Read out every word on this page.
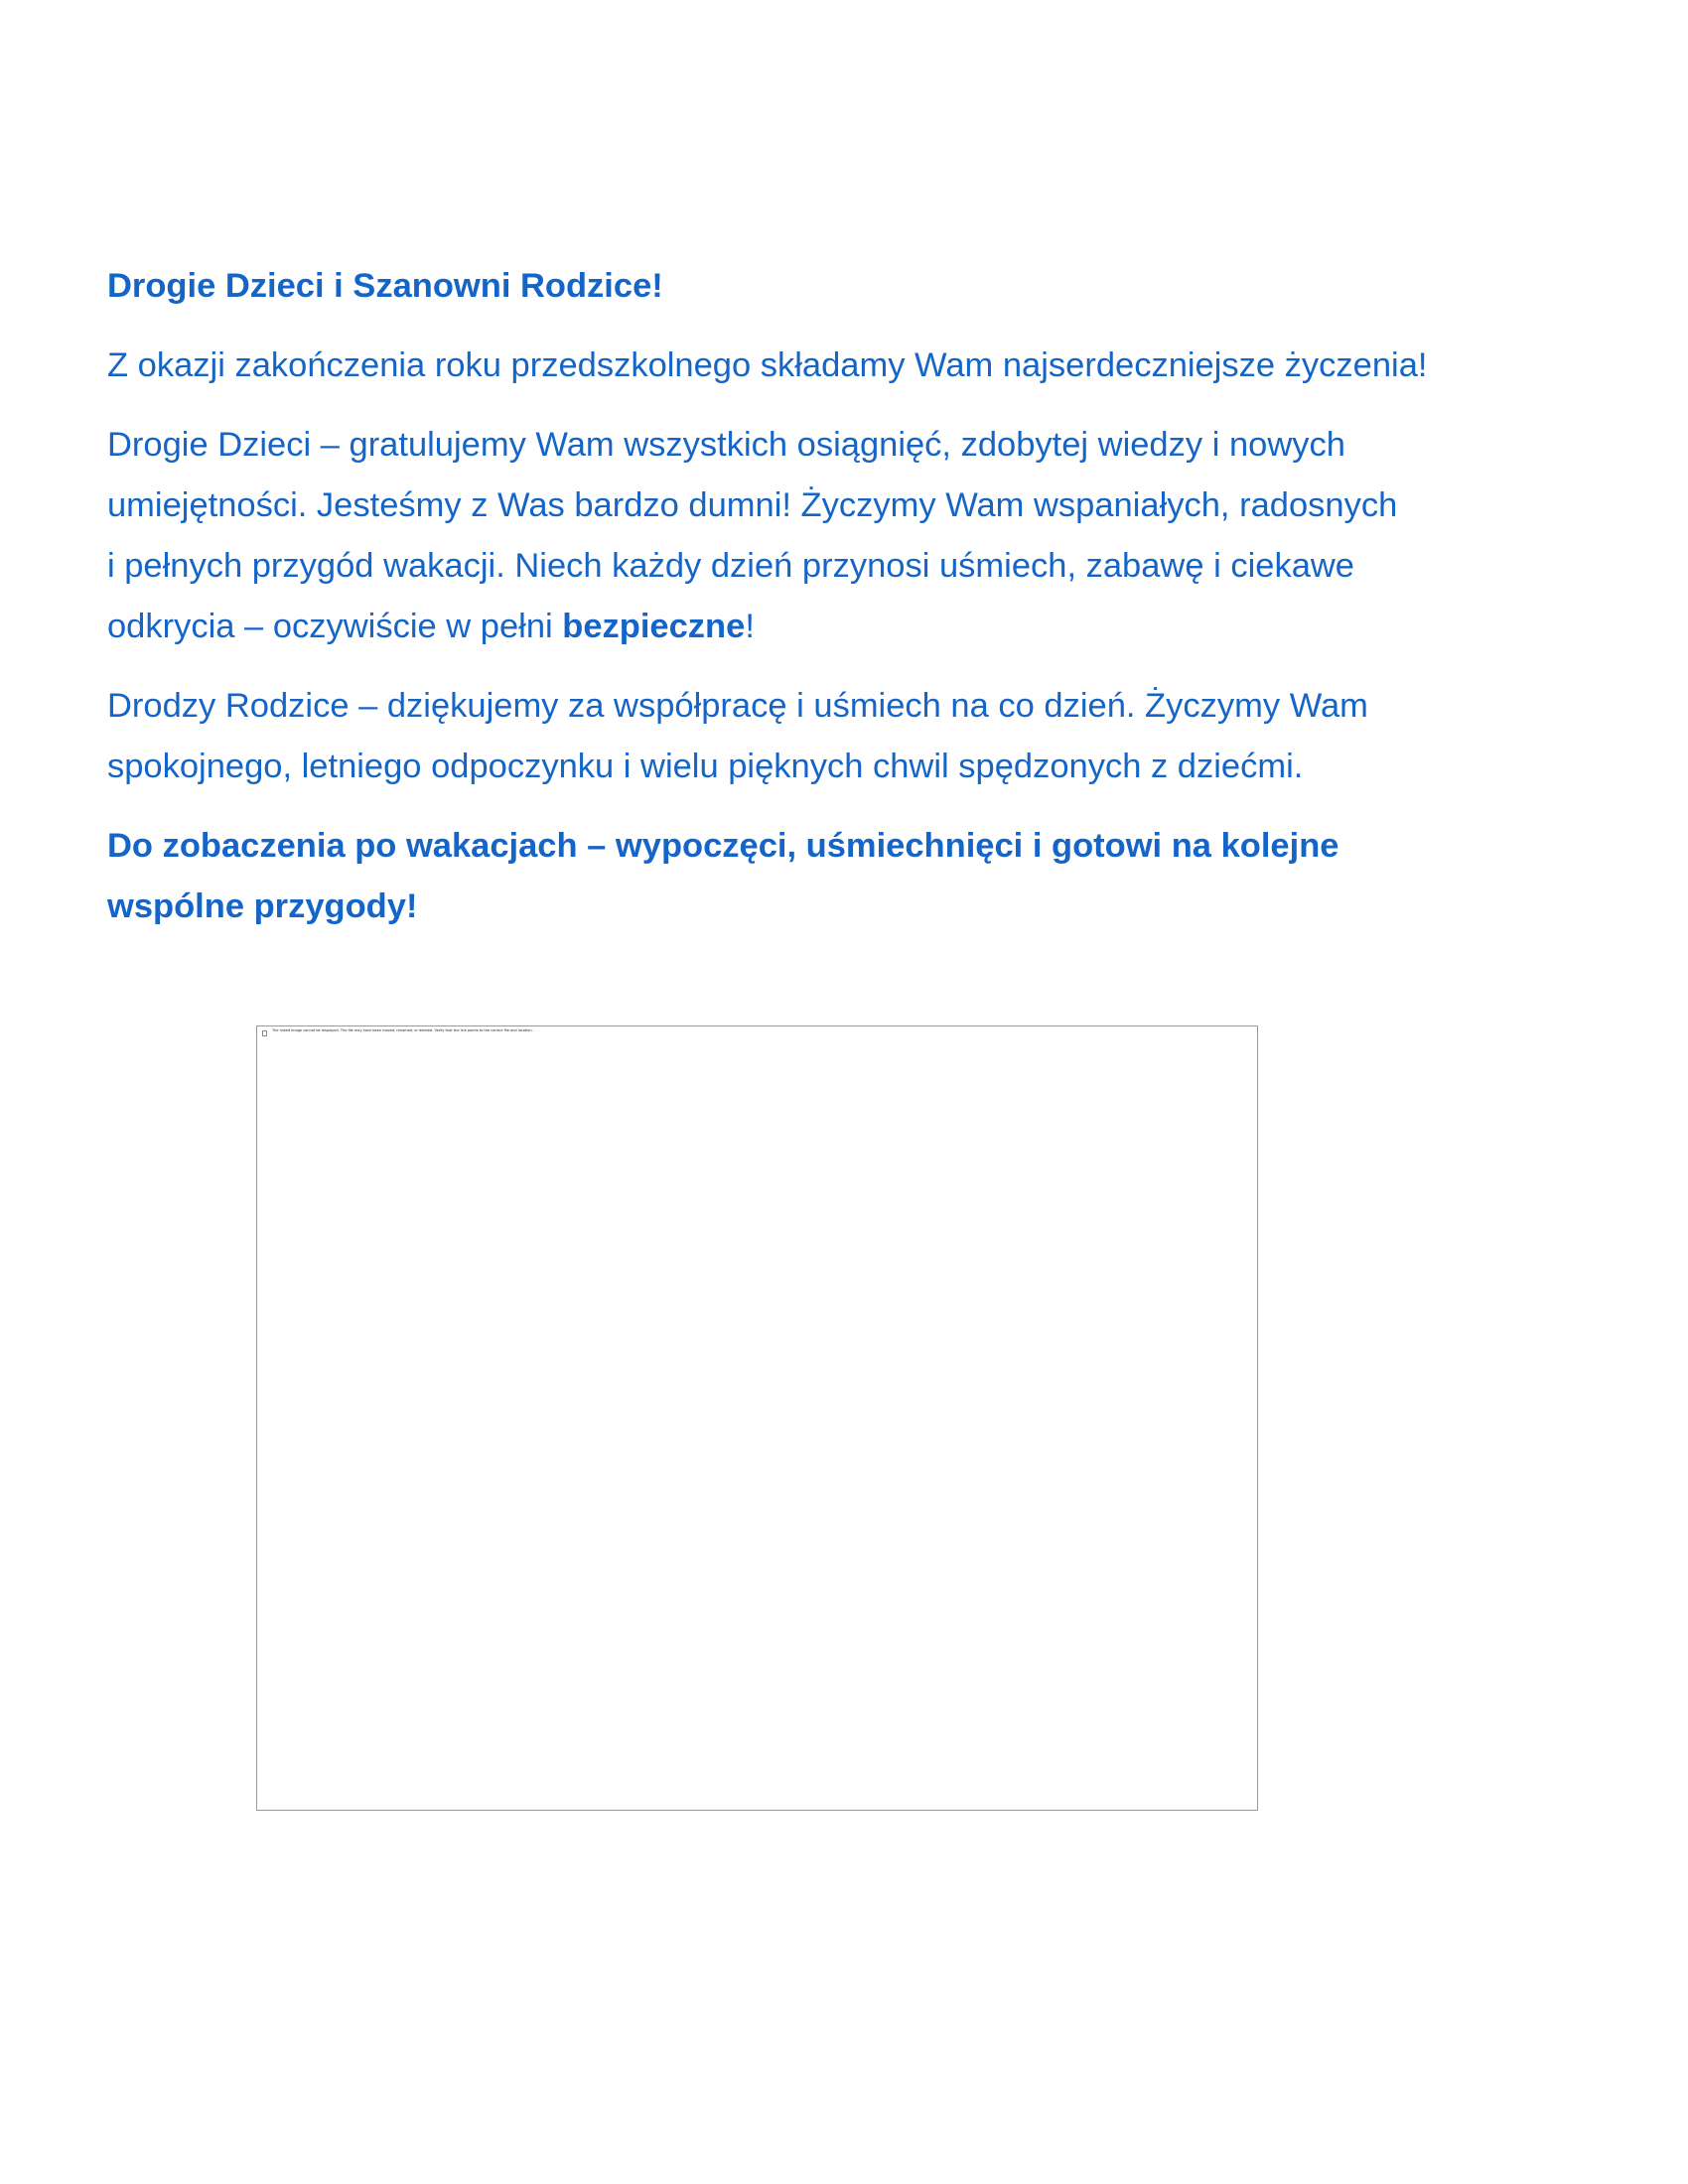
Drogie Dzieci i Szanowni Rodzice!

Z okazji zakończenia roku przedszkolnego składamy Wam najserdeczniejsze życzenia!

Drogie Dzieci – gratulujemy Wam wszystkich osiągnięć, zdobytej wiedzy i nowych
umiejętności. Jesteśmy z Was bardzo dumni! Życzymy Wam wspaniałych, radosnych
i pełnych przygód wakacji. Niech każdy dzień przynosi uśmiech, zabawę i ciekawe
odkrycia – oczywiście w pełni bezpieczne!

Drodzy Rodzice – dziękujemy za współpracę i uśmiech na co dzień. Życzymy Wam
spokojnego, letniego odpoczynku i wielu pięknych chwil spędzonych z dziećmi.

Do zobaczenia po wakacjach – wypoczęci, uśmiechnięci i gotowi na kolejne
wspólne przygody!

The linked image cannot be displayed. The file may have been moved, renamed, or deleted. Verify that the link points to the correct file and location.
